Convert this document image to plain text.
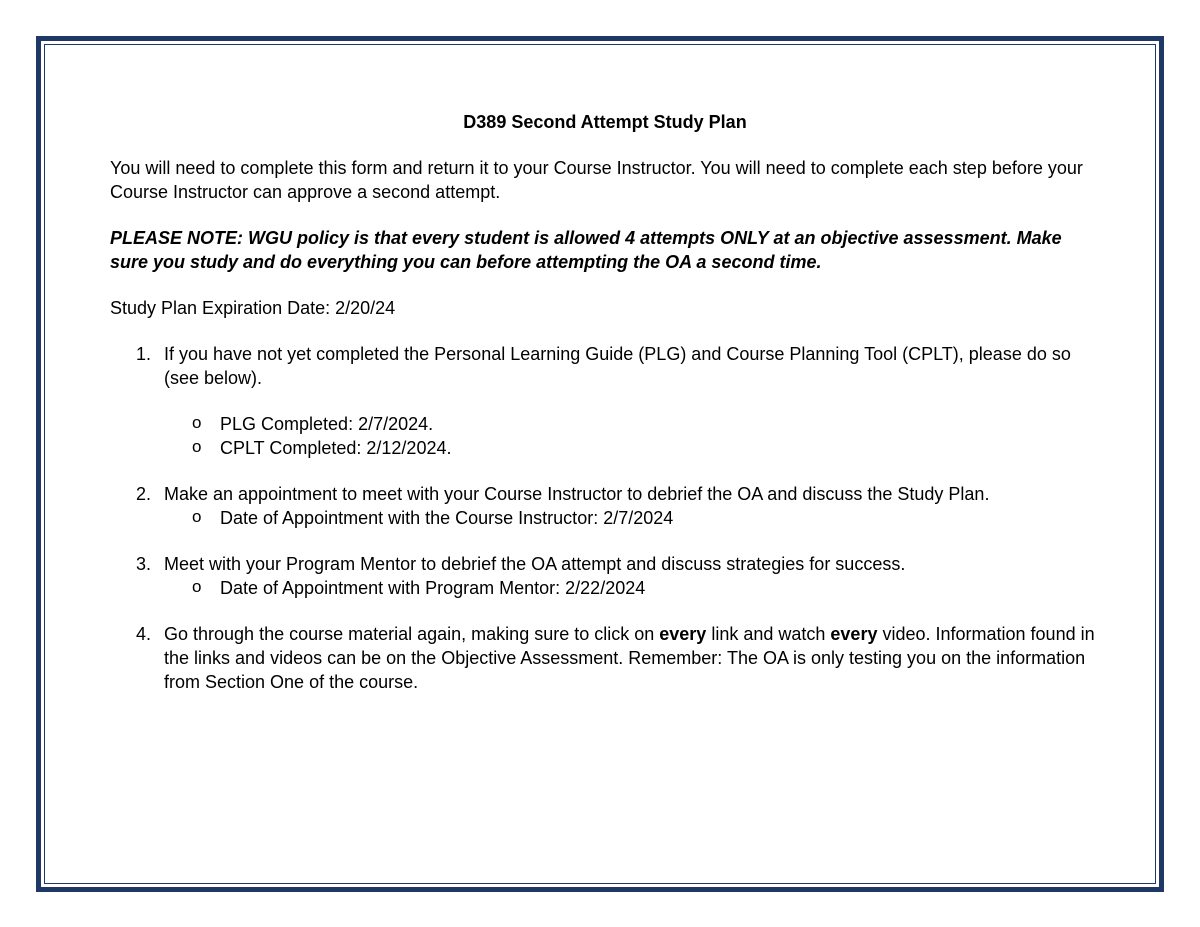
D389 Second Attempt Study Plan

You will need to complete this form and return it to your Course Instructor. You will need to complete each step before your Course Instructor can approve a second attempt.

PLEASE NOTE: WGU policy is that every student is allowed 4 attempts ONLY at an objective assessment. Make sure you study and do everything you can before attempting the OA a second time.

Study Plan Expiration Date: 2/20/24

1. If you have not yet completed the Personal Learning Guide (PLG) and Course Planning Tool (CPLT), please do so (see below).
o PLG Completed: 2/7/2024.
o CPLT Completed: 2/12/2024.
2. Make an appointment to meet with your Course Instructor to debrief the OA and discuss the Study Plan.
o Date of Appointment with the Course Instructor: 2/7/2024
3. Meet with your Program Mentor to debrief the OA attempt and discuss strategies for success.
o Date of Appointment with Program Mentor: 2/22/2024
4. Go through the course material again, making sure to click on every link and watch every video. Information found in the links and videos can be on the Objective Assessment. Remember: The OA is only testing you on the information from Section One of the course.
